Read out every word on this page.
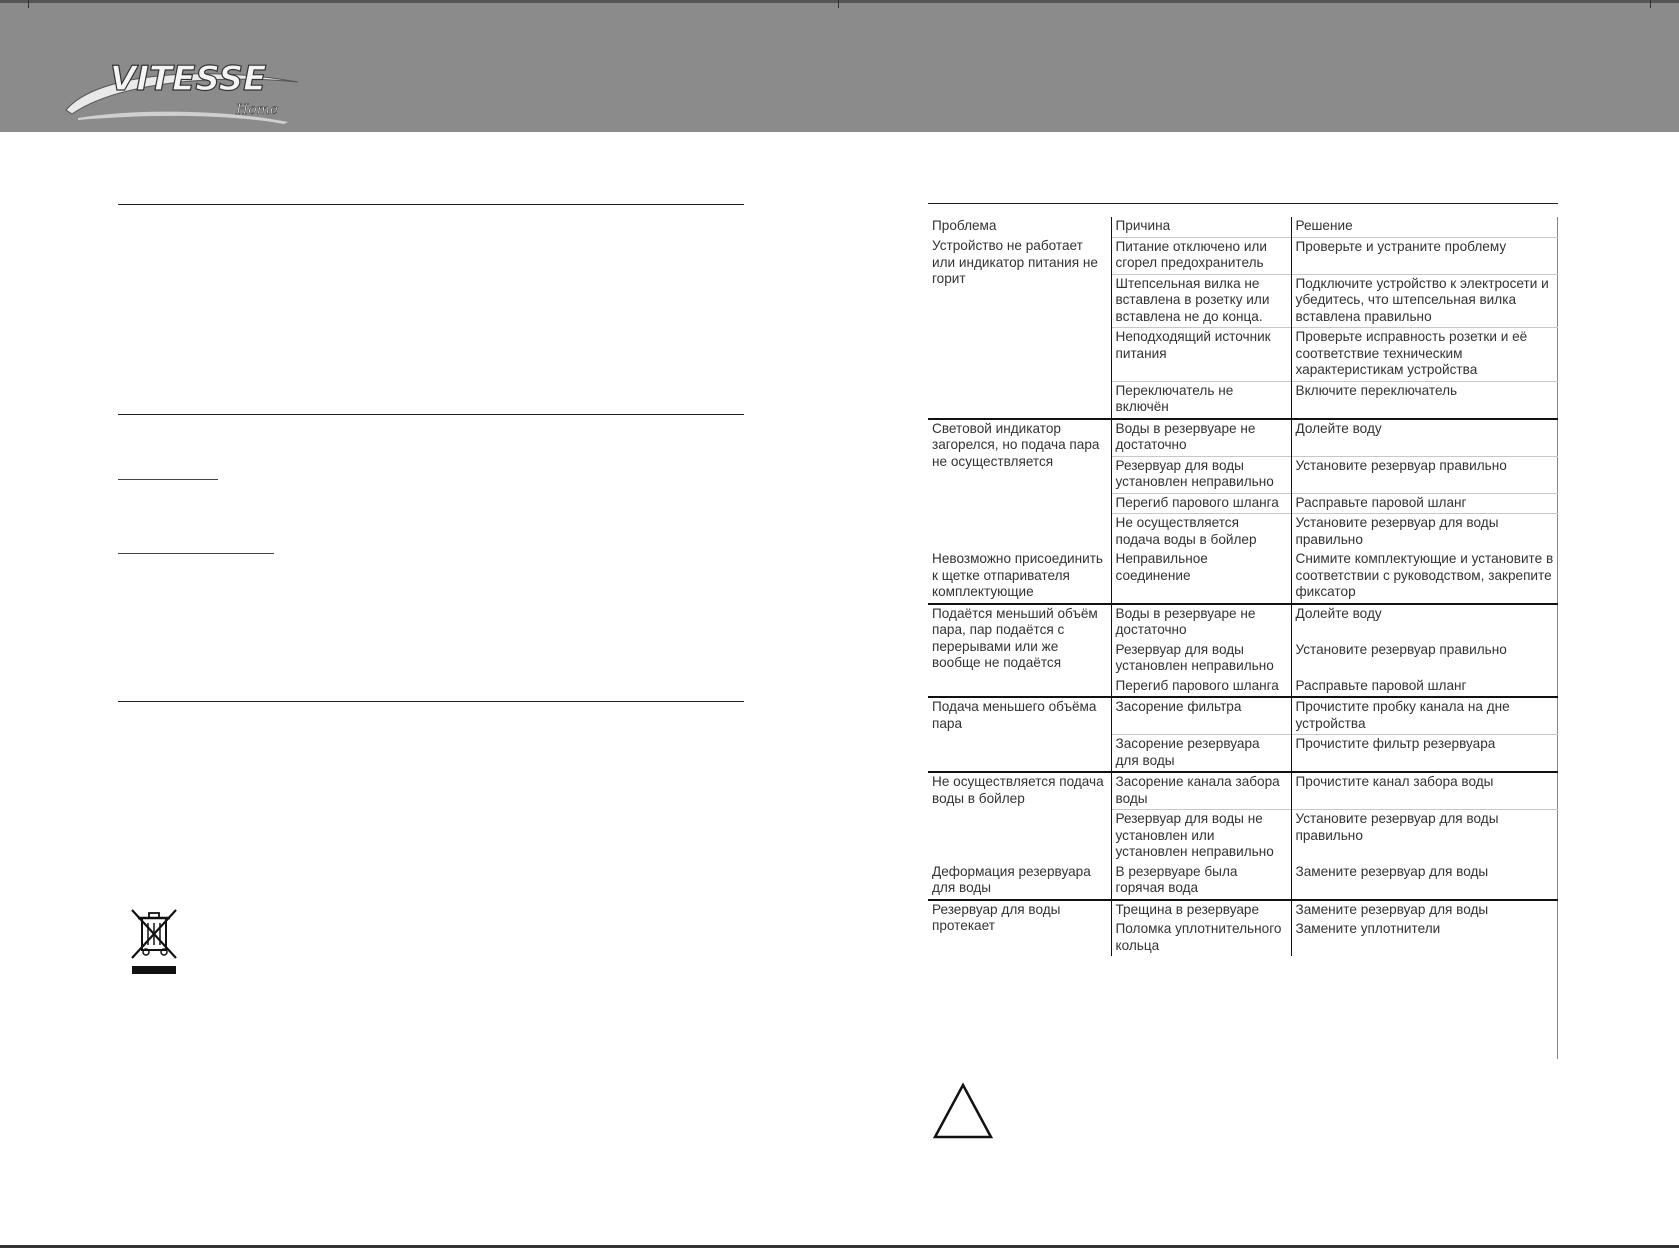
VITESSE
Home
Проблема	Причина	Решение
Устройство не работает или индикатор питания не горит	Питание отключено или сгорел предохранитель	Проверьте и устраните проблему
	Штепсельная вилка не вставлена в розетку или вставлена не до конца.	Подключите устройство к электросети и убедитесь, что штепсельная вилка вставлена правильно
	Неподходящий источник питания	Проверьте исправность розетки и её соответствие техническим характеристикам устройства
	Переключатель не включён	Включите переключатель
Световой индикатор загорелся, но подача пара не осуществляется	Воды в резервуаре не достаточно	Долейте воду
	Резервуар для воды установлен неправильно	Установите резервуар правильно
	Перегиб парового шланга	Расправьте паровой шланг
	Не осуществляется подача воды в бойлер	Установите резервуар для воды правильно
Невозможно присоединить к щетке отпаривателя комплектующие	Неправильное соединение	Снимите комплектующие и установите в соответствии с руководством, закрепите фиксатор
Подаётся меньший объём пара, пар подаётся с перерывами или же вообще не подаётся	Воды в резервуаре не достаточно	Долейте воду
	Резервуар для воды установлен неправильно	Установите резервуар правильно
	Перегиб парового шланга	Расправьте паровой шланг
Подача меньшего объёма пара	Засорение фильтра	Прочистите пробку канала на дне устройства
	Засорение резервуара для воды	Прочистите фильтр резервуара
Не осуществляется подача воды в бойлер	Засорение канала забора воды	Прочистите канал забора воды
	Резервуар для воды не установлен или установлен неправильно	Установите резервуар для воды правильно
Деформация резервуара для воды	В резервуаре была горячая вода	Замените резервуар для воды
Резервуар для воды протекает	Трещина в резервуаре	Замените резервуар для воды
	Поломка уплотнительного кольца	Замените уплотнители
